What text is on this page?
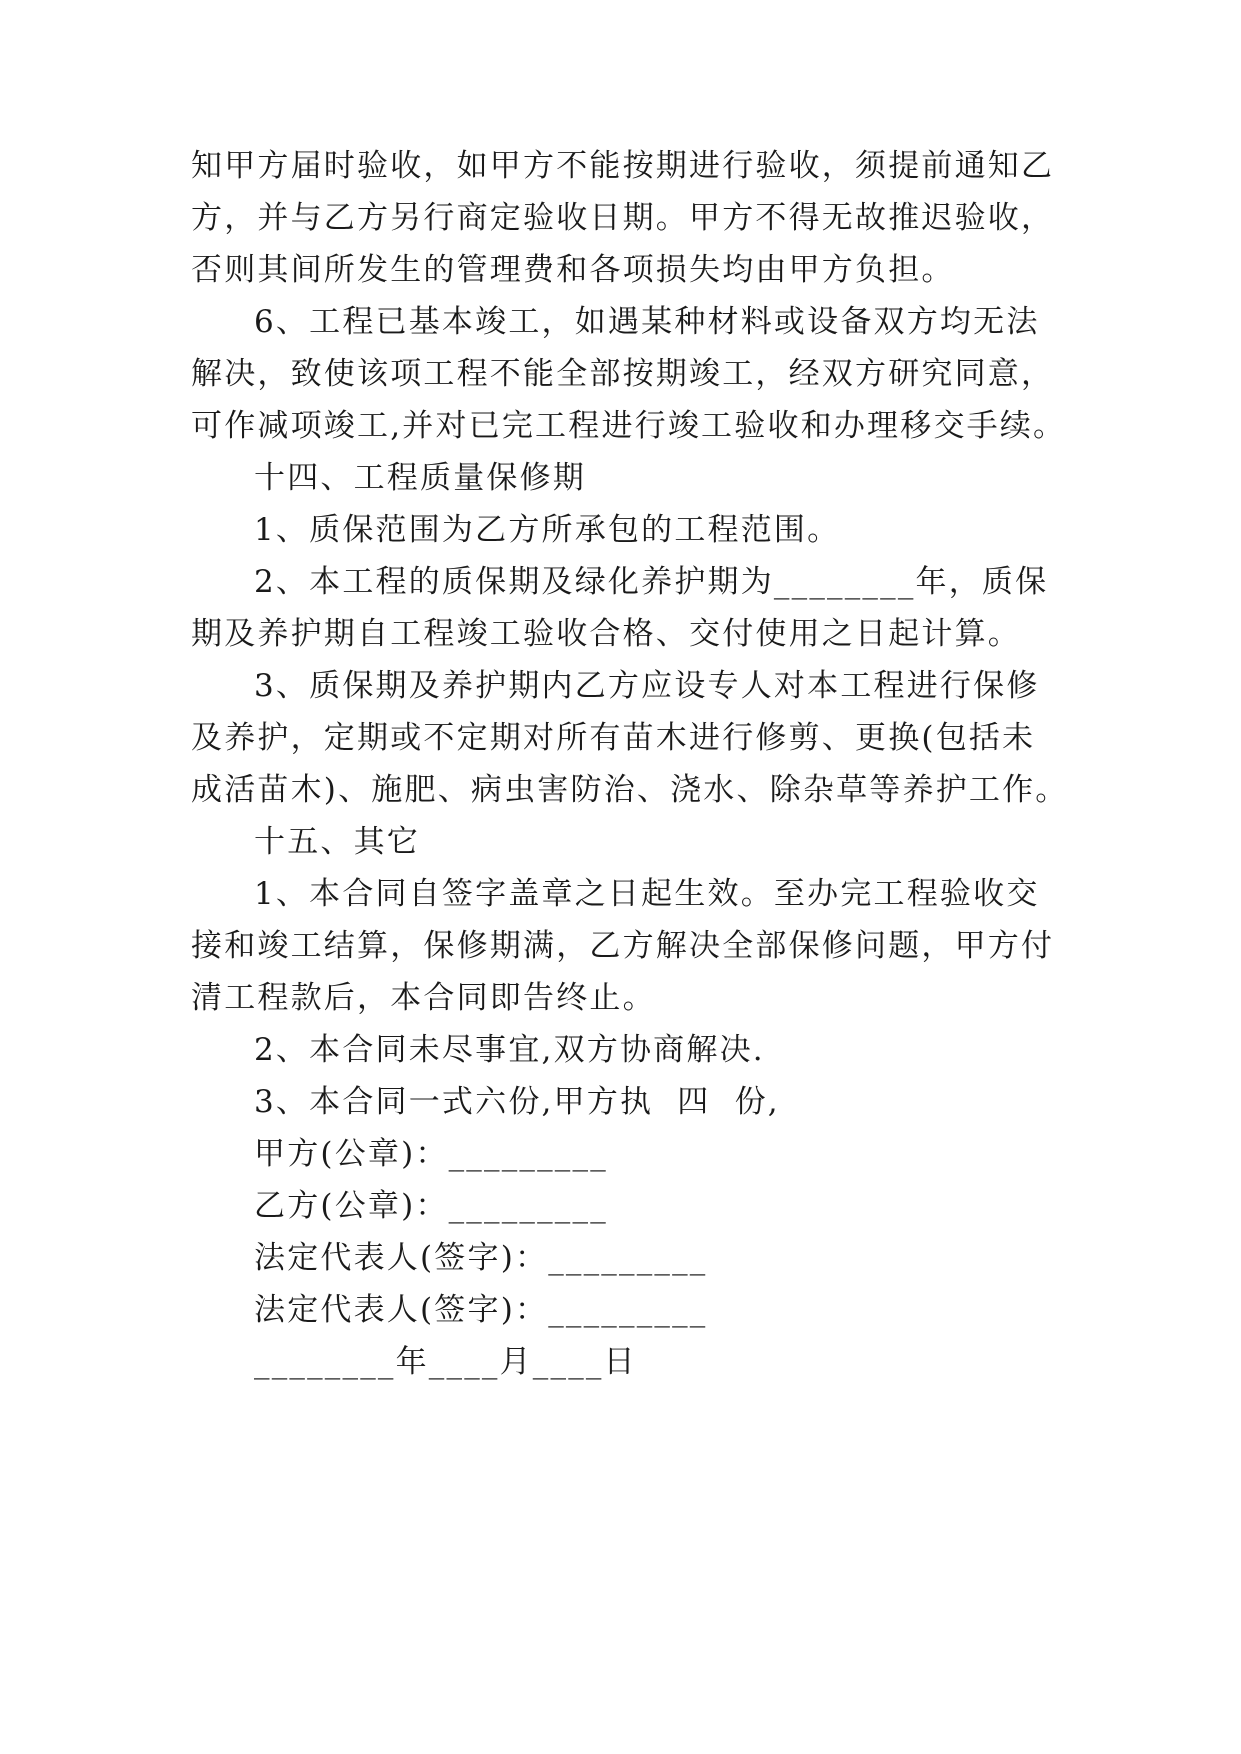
知甲方届时验收，如甲方不能按期进行验收，须提前通知乙
方，并与乙方另行商定验收日期。甲方不得无故推迟验收，
否则其间所发生的管理费和各项损失均由甲方负担。
6、工程已基本竣工，如遇某种材料或设备双方均无法
解决，致使该项工程不能全部按期竣工，经双方研究同意，
可作减项竣工,并对已完工程进行竣工验收和办理移交手续。
十四、工程质量保修期
1、质保范围为乙方所承包的工程范围。
2、本工程的质保期及绿化养护期为________年，质保
期及养护期自工程竣工验收合格、交付使用之日起计算。
3、质保期及养护期内乙方应设专人对本工程进行保修
及养护，定期或不定期对所有苗木进行修剪、更换(包括未
成活苗木)、施肥、病虫害防治、浇水、除杂草等养护工作。
十五、其它
1、本合同自签字盖章之日起生效。至办完工程验收交
接和竣工结算，保修期满，乙方解决全部保修问题，甲方付
清工程款后，本合同即告终止。
2、本合同未尽事宜,双方协商解决.
3、本合同一式六份,甲方执  四  份,
甲方(公章)：_________
乙方(公章)：_________
法定代表人(签字)：_________
法定代表人(签字)：_________
________年____月____日
